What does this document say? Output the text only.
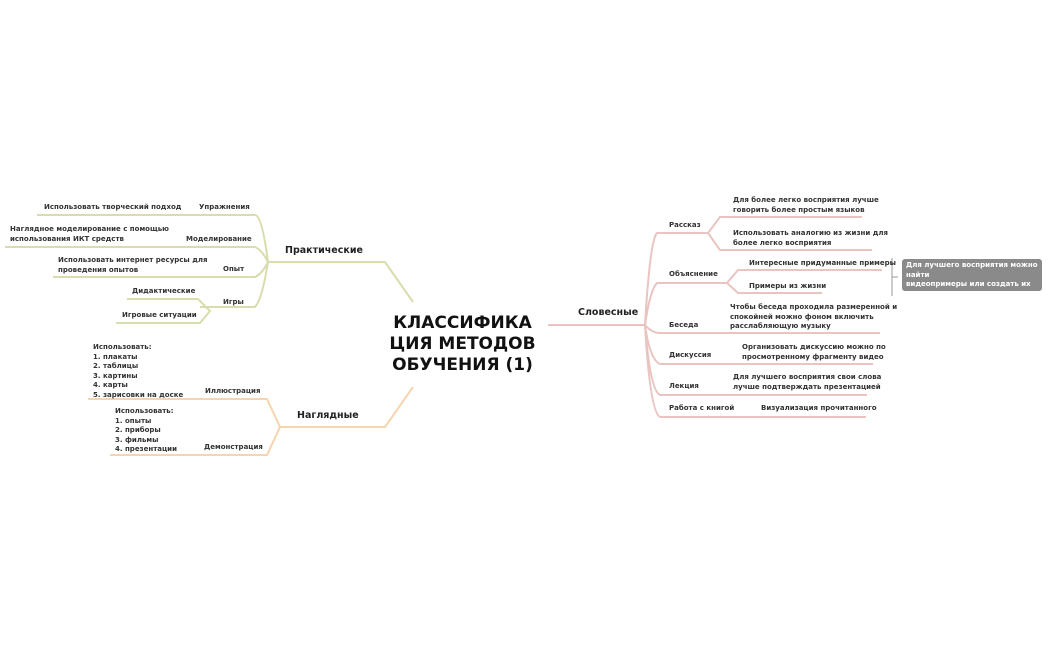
КЛАССИФИКА
ЦИЯ МЕТОДОВ
ОБУЧЕНИЯ (1)
Практические
Использовать творческий подход	Упражнения
Наглядное моделирование с помощью
использования ИКТ средств	Моделирование
Использовать интернет ресурсы для
проведения опытов	Опыт
Игры
Дидактические
Игровые ситуации
Наглядные
Использовать:
1. плакаты
2. таблицы
3. картины
4. карты
5. зарисовки на доске	Иллюстрация
Использовать:
1. опыты
2. приборы
3. фильмы
4. презентации	Демонстрация
Словесные
Рассказ
Для более легко восприятия лучше
говорить более простым языков
Использовать аналогию из жизни для
более легко восприятия
Объяснение
Интересные придуманные примеры
Примеры из жизни
Для лучшего восприятия можно найти
видеопримеры или создать их самим и
продемонстрировать
Беседа
Чтобы беседа проходила размеренной и
спокойней можно фоном включить
расслабляющую музыку
Дискуссия
Организовать дискуссию можно по
просмотренному фрагменту видео
Лекция
Для лучшего восприятия свои слова
лучше подтверждать презентацией
Работа с книгой	Визуализация прочитанного
